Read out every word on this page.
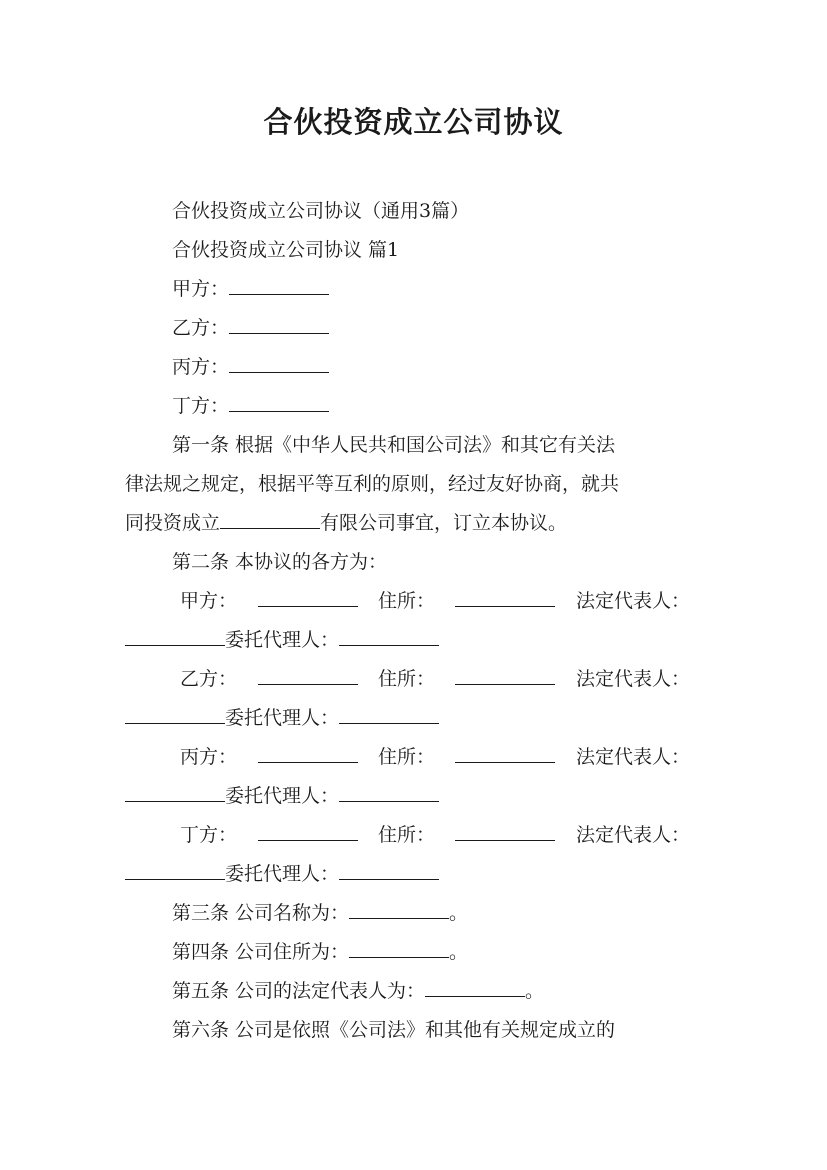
合伙投资成立公司协议
合伙投资成立公司协议（通用3篇）
合伙投资成立公司协议 篇1
甲方：
乙方：
丙方：
丁方：
第一条 根据《中华人民共和国公司法》和其它有关法
律法规之规定，根据平等互利的原则，经过友好协商，就共
同投资成立	有限公司事宜，订立本协议。
第二条 本协议的各方为：
甲方：	住所：	法定代表人：
委托代理人：
乙方：	住所：	法定代表人：
委托代理人：
丙方：	住所：	法定代表人：
委托代理人：
丁方：	住所：	法定代表人：
委托代理人：
第三条 公司名称为：	。
第四条 公司住所为：	。
第五条 公司的法定代表人为：	。
第六条 公司是依照《公司法》和其他有关规定成立的
